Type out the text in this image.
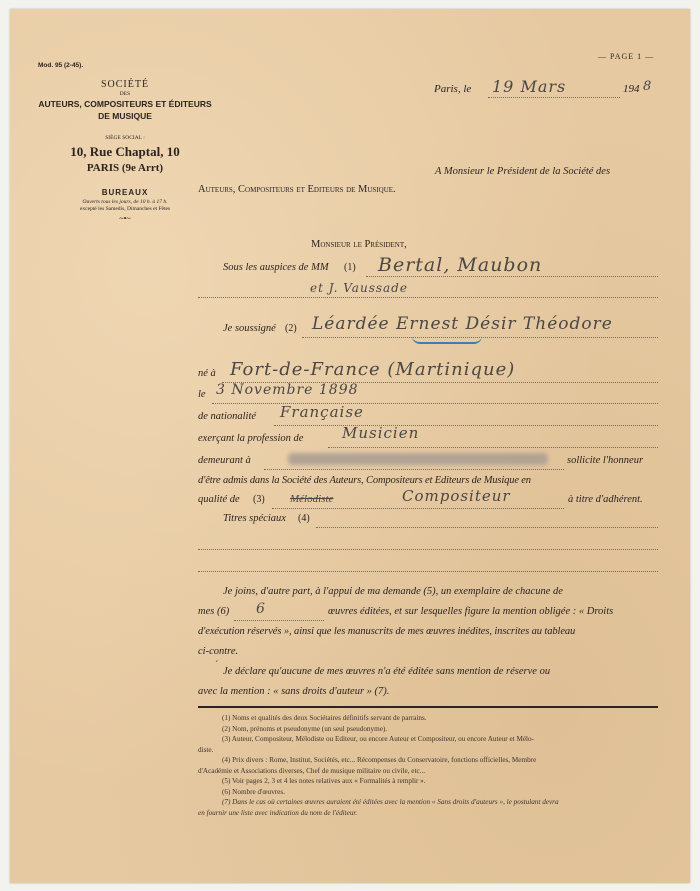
Mod. 95 (2-45).
SOCIÉTÉ
DES
AUTEURS, COMPOSITEURS ET ÉDITEURS
DE MUSIQUE
SIÈGE SOCIAL :
10, Rue Chaptal, 10
PARIS (9e Arrt)
BUREAUX
Ouverts tous les jours, de 10 h. à 17 h.
excepté les Samedis, Dimanches et Fêtes
~•~
— PAGE 1 —
Paris, le 19 Mars	194 8
A Monsieur le Président de la Société des
Auteurs, Compositeurs et Editeurs de Musique.
Monsieur le Président,
Sous les auspices de MM (1) Bertal, Maubon
et J. Vaussade
Je soussigné (2) Léardée Ernest Désir Théodore
né à Fort-de-France (Martinique)
le 3 Novembre 1898
de nationalité Française
exerçant la profession de	Musicien
demeurant à	sollicite l'honneur
d'être admis dans la Société des Auteurs, Compositeurs et Editeurs de Musique en
qualité de (3) Mélodiste	Compositeur	à titre d'adhérent.
Titres spéciaux (4)
Je joins, d'autre part, à l'appui de ma demande (5), un exemplaire de chacune de
mes (6) 6	œuvres éditées, et sur lesquelles figure la mention obligée : « Droits
d'exécution réservés », ainsi que les manuscrits de mes œuvres inédites, inscrites au tableau
ci-contre.
´
Je déclare qu'aucune de mes œuvres n'a été éditée sans mention de réserve ou
avec la mention : « sans droits d'auteur » (7).
(1) Noms et qualités des deux Sociétaires définitifs servant de parrains.
(2) Nom, prénoms et pseudonyme (un seul pseudonyme).
(3) Auteur, Compositeur, Mélodiste ou Editeur, ou encore Auteur et Compositeur, ou encore Auteur et Mélo-
diste.
(4) Prix divers : Rome, Institut, Sociétés, etc... Récompenses du Conservatoire, fonctions officielles, Membre
d'Académie et Associations diverses, Chef de musique militaire ou civile, etc...
(5) Voir pages 2, 3 et 4 les notes relatives aux « Formalités à remplir ».
(6) Nombre d'œuvres.
(7) Dans le cas où certaines œuvres auraient été éditées avec la mention « Sans droits d'auteurs », le postulant devra
en fournir une liste avec indication du nom de l'éditeur.
